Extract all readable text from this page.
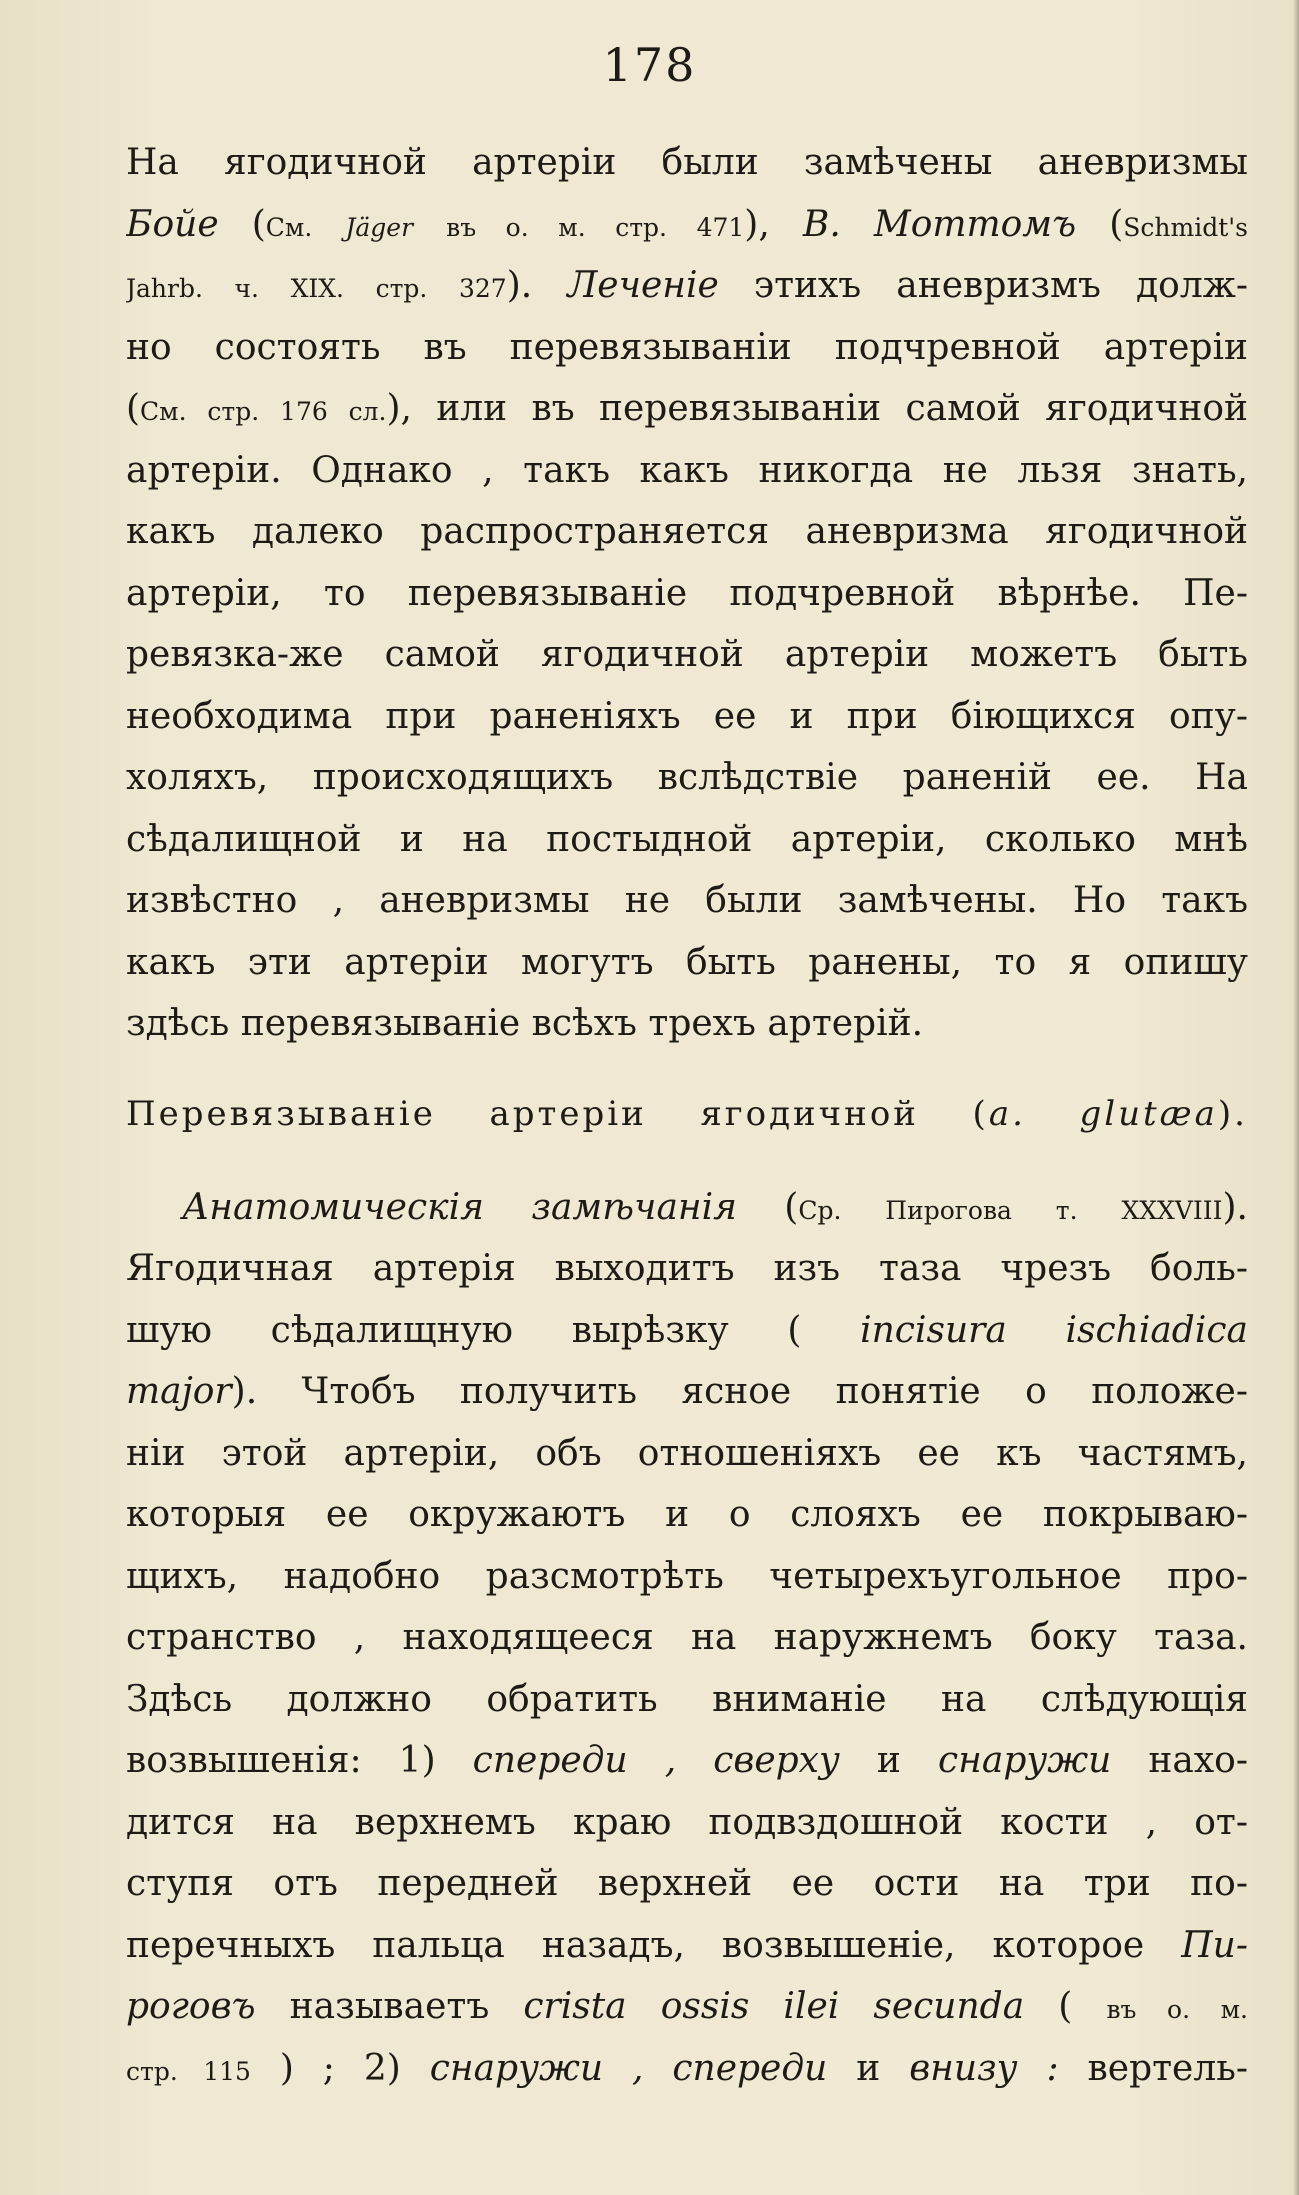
178
На ягодичной артеріи были замѣчены аневризмы
Бойе (См. Jäger въ о. м. стр. 471), В. Моттомъ (Schmidt's
Jahrb. ч. XIX. стр. 327). Леченіе этихъ аневризмъ долж-
но состоять въ перевязываніи подчревной артеріи
(См. стр. 176 сл.), или въ перевязываніи самой ягодичной
артеріи. Однако , такъ какъ никогда не льзя знать,
какъ далеко распространяется аневризма ягодичной
артеріи, то перевязываніе подчревной вѣрнѣе. Пе-
ревязка-же самой ягодичной артеріи можетъ быть
необходима при раненіяхъ ее и при біющихся опу-
холяхъ, происходящихъ вслѣдствіе раненій ее. На
сѣдалищной и на постыдной артеріи, сколько мнѣ
извѣстно , аневризмы не были замѣчены. Но такъ
какъ эти артеріи могутъ быть ранены, то я опишу
здѣсь перевязываніе всѣхъ трехъ артерій.
Перевязываніе артеріи ягодичной (a. glutæa).
Анатомическія замѣчанія (Ср. Пирогова т. XXXVIII).
Ягодичная артерія выходитъ изъ таза чрезъ боль-
шую сѣдалищную вырѣзку ( incisura ischiadica
major). Чтобъ получить ясное понятіе о положе-
ніи этой артеріи, объ отношеніяхъ ее къ частямъ,
которыя ее окружаютъ и о слояхъ ее покрываю-
щихъ, надобно разсмотрѣть четырехъугольное про-
странство , находящееся на наружнемъ боку таза.
Здѣсь должно обратить вниманіе на слѣдующія
возвышенія: 1) спереди , сверху и снаружи нахо-
дится на верхнемъ краю подвздошной кости , от-
ступя отъ передней верхней ее ости на три по-
перечныхъ пальца назадъ, возвышеніе, которое Пи-
роговъ называетъ crista ossis ilei secunda ( въ о. м.
стр. 115 ) ; 2) снаружи , спереди и внизу : вертель-
